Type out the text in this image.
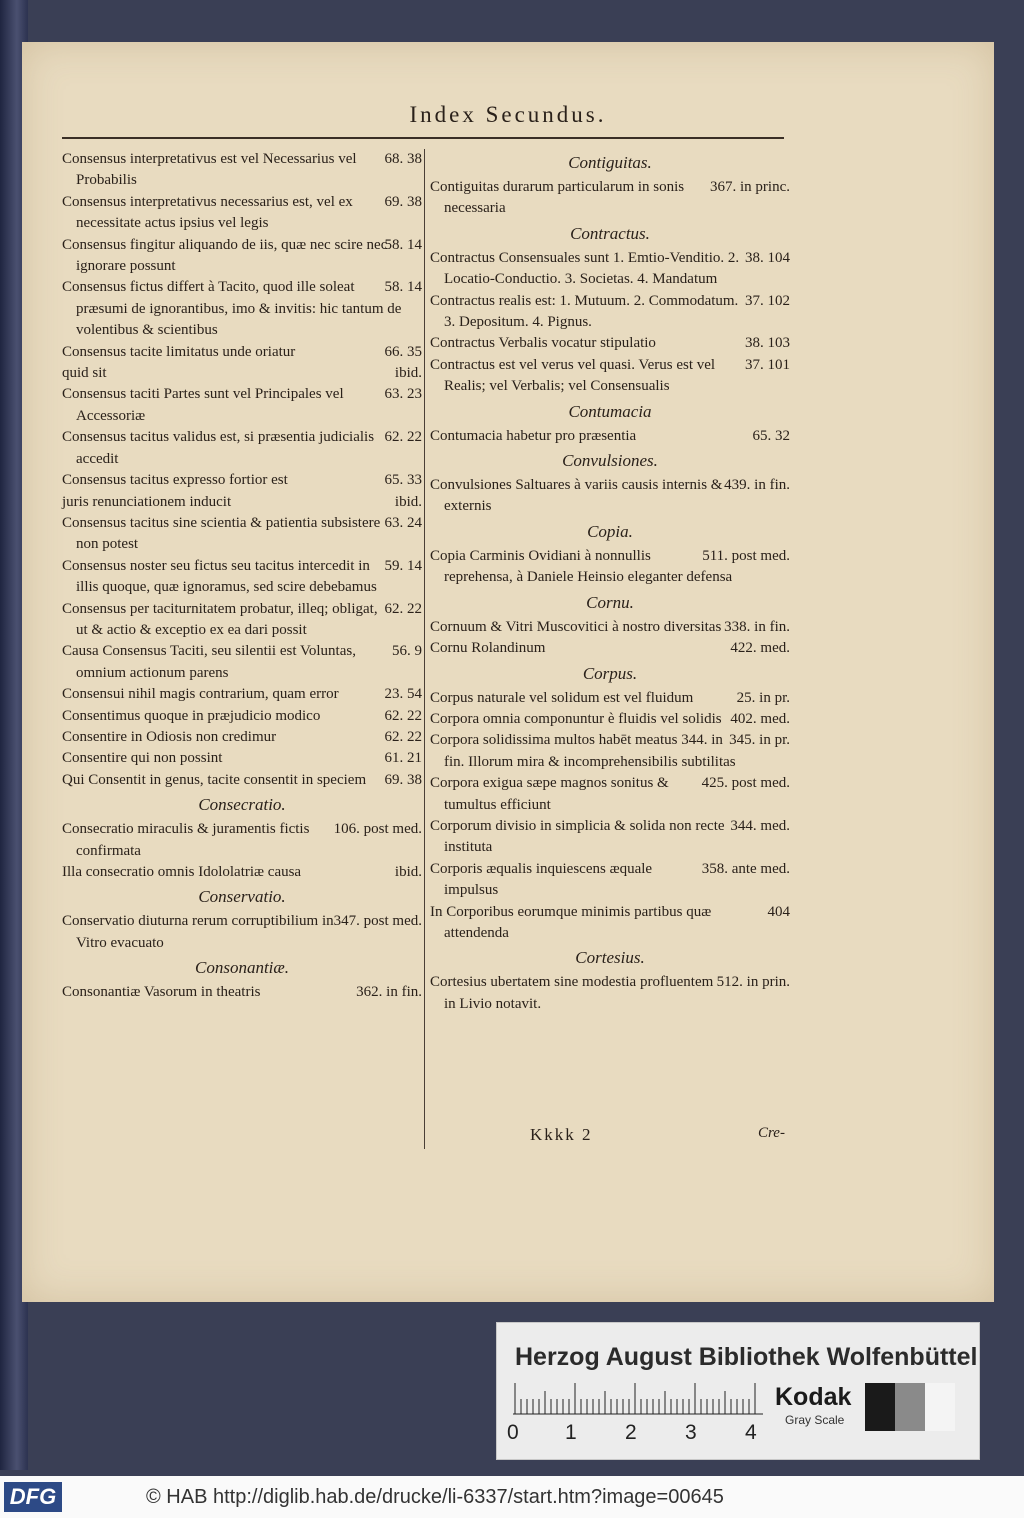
Index Secundus.

68. 38
Consensus interpretativus est vel Necessarius vel Probabilis

69. 38
Consensus interpretativus necessarius est, vel ex necessitate actus ipsius vel legis

58. 14
Consensus fingitur aliquando de iis, quæ nec scire nec ignorare possunt

58. 14
Consensus fictus differt à Tacito, quod ille soleat præsumi de ignorantibus, imo & invitis: hic tantum de volentibus & scientibus

66. 35
Consensus tacite limitatus unde oriatur

ibid.
quid sit

63. 23
Consensus taciti Partes sunt vel Principales vel Accessoriæ

62. 22
Consensus tacitus validus est, si præsentia judicialis accedit

65. 33
Consensus tacitus expresso fortior est

ibid.
juris renunciationem inducit

63. 24
Consensus tacitus sine scientia & patientia subsistere non potest

59. 14
Consensus noster seu fictus seu tacitus intercedit in illis quoque, quæ ignoramus, sed scire debebamus

62. 22
Consensus per taciturnitatem probatur, illeq; obligat, ut & actio & exceptio ex ea dari possit

56. 9
Causa Consensus Taciti, seu silentii est Voluntas, omnium actionum parens

23. 54
Consensui nihil magis contrarium, quam error

62. 22
Consentimus quoque in præjudicio modico

62. 22
Consentire in Odiosis non credimur

61. 21
Consentire qui non possint

69. 38
Qui Consentit in genus, tacite consentit in speciem

Consecratio.

106. post med.
Consecratio miraculis & juramentis fictis confirmata

ibid.
Illa consecratio omnis Idololatriæ causa

Conservatio.

347. post med.
Conservatio diuturna rerum corruptibilium in Vitro evacuato

Consonantiæ.

362. in fin.
Consonantiæ Vasorum in theatris

Contiguitas.

367. in princ.
Contiguitas durarum particularum in sonis necessaria

Contractus.

38. 104
Contractus Consensuales sunt 1. Emtio-Venditio. 2. Locatio-Conductio. 3. Societas. 4. Mandatum

37. 102
Contractus realis est: 1. Mutuum. 2. Commodatum. 3. Depositum. 4. Pignus.

38. 103
Contractus Verbalis vocatur stipulatio

37. 101
Contractus est vel verus vel quasi. Verus est vel Realis; vel Verbalis; vel Consensualis

Contumacia

65. 32
Contumacia habetur pro præsentia

Convulsiones.

439. in fin.
Convulsiones Saltuares à variis causis internis & externis

Copia.

511. post med.
Copia Carminis Ovidiani à nonnullis reprehensa, à Daniele Heinsio eleganter defensa

Cornu.

338. in fin.
Cornuum & Vitri Muscovitici à nostro diversitas

422. med.
Cornu Rolandinum

Corpus.

25. in pr.
Corpus naturale vel solidum est vel fluidum

402. med.
Corpora omnia componuntur è fluidis vel solidis

345. in pr.
Corpora solidissima multos habēt meatus 344. in fin. Illorum mira & incomprehensibilis subtilitas

425. post med.
Corpora exigua sæpe magnos sonitus & tumultus efficiunt

344. med.
Corporum divisio in simplicia & solida non recte instituta

358. ante med.
Corporis æqualis inquiescens æquale impulsus

404
In Corporibus eorumque minimis partibus quæ attendenda

Cortesius.

512. in prin.
Cortesius ubertatem sine modestia profluentem in Livio notavit.

Kkkk 2	Cre-
Herzog August Bibliothek Wolfenbüttel
0 1 2 3 4
Kodak
Gray Scale
DFG	© HAB http://diglib.hab.de/drucke/li-6337/start.htm?image=00645
